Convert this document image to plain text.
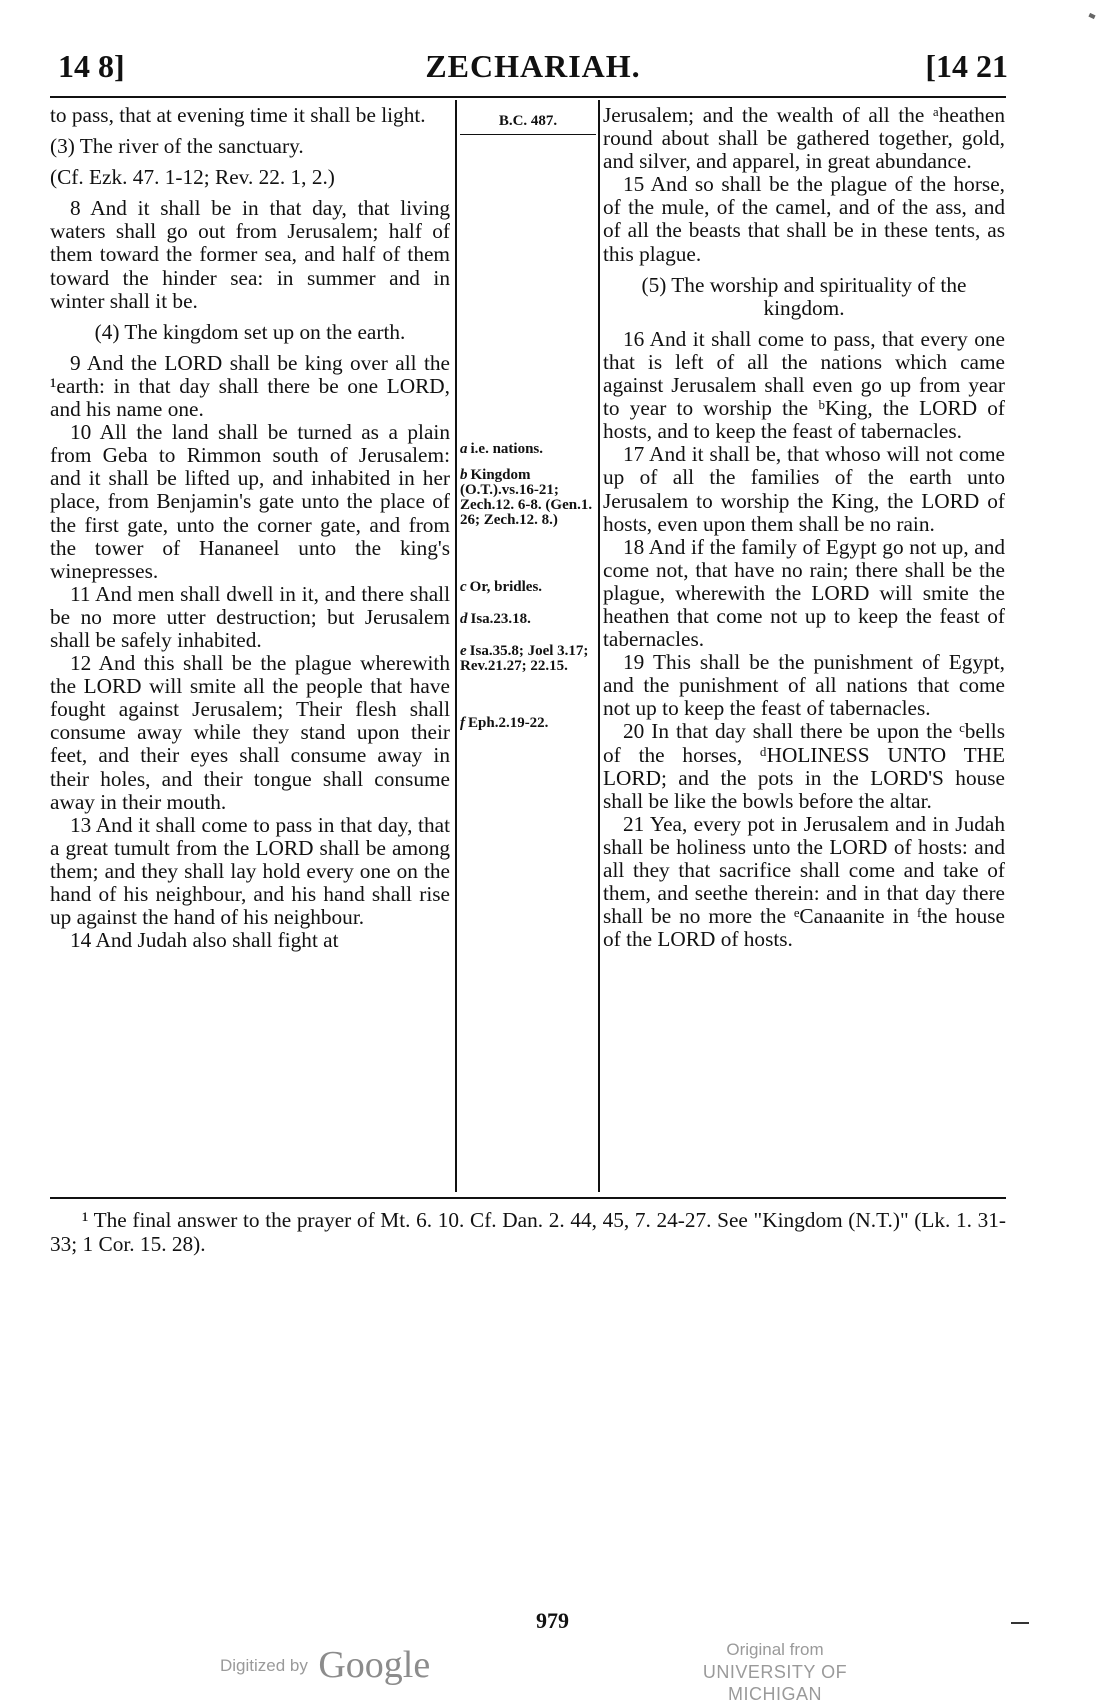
14 8]	ZECHARIAH.	[14 21

to pass, that at evening time it shall be light.

(3) The river of the sanctuary.

(Cf. Ezk. 47. 1-12; Rev. 22. 1, 2.)

8 And it shall be in that day, that living waters shall go out from Jerusalem; half of them toward the former sea, and half of them toward the hinder sea: in summer and in winter shall it be.

(4) The kingdom set up on the earth.

9 And the LORD shall be king over all the ¹earth: in that day shall there be one LORD, and his name one.

10 All the land shall be turned as a plain from Geba to Rimmon south of Jerusalem: and it shall be lifted up, and inhabited in her place, from Benjamin's gate unto the place of the first gate, unto the corner gate, and from the tower of Hananeel unto the king's winepresses.

11 And men shall dwell in it, and there shall be no more utter destruction; but Jerusalem shall be safely inhabited.

12 And this shall be the plague wherewith the LORD will smite all the people that have fought against Jerusalem; Their flesh shall consume away while they stand upon their feet, and their eyes shall consume away in their holes, and their tongue shall consume away in their mouth.

13 And it shall come to pass in that day, that a great tumult from the LORD shall be among them; and they shall lay hold every one on the hand of his neighbour, and his hand shall rise up against the hand of his neighbour.

14 And Judah also shall fight at

B.C. 487.
a i.e. nations.
b Kingdom (O.T.).vs.16-21; Zech.12. 6-8. (Gen.1. 26; Zech.12. 8.)
c Or, bridles.
d Isa.23.18.
e Isa.35.8; Joel 3.17; Rev.21.27; 22.15.
f Eph.2.19-22.

Jerusalem; and the wealth of all the ᵃheathen round about shall be gathered together, gold, and silver, and apparel, in great abundance.

15 And so shall be the plague of the horse, of the mule, of the camel, and of the ass, and of all the beasts that shall be in these tents, as this plague.

(5) The worship and spirituality of the kingdom.

16 And it shall come to pass, that every one that is left of all the nations which came against Jerusalem shall even go up from year to year to worship the ᵇKing, the LORD of hosts, and to keep the feast of tabernacles.

17 And it shall be, that whoso will not come up of all the families of the earth unto Jerusalem to worship the King, the LORD of hosts, even upon them shall be no rain.

18 And if the family of Egypt go not up, and come not, that have no rain; there shall be the plague, wherewith the LORD will smite the heathen that come not up to keep the feast of tabernacles.

19 This shall be the punishment of Egypt, and the punishment of all nations that come not up to keep the feast of tabernacles.

20 In that day shall there be upon the ᶜbells of the horses, ᵈHOLINESS UNTO THE LORD; and the pots in the LORD'S house shall be like the bowls before the altar.

21 Yea, every pot in Jerusalem and in Judah shall be holiness unto the LORD of hosts: and all they that sacrifice shall come and take of them, and seethe therein: and in that day there shall be no more the ᵉCanaanite in ᶠthe house of the LORD of hosts.

¹ The final answer to the prayer of Mt. 6. 10. Cf. Dan. 2. 44, 45, 7. 24-27. See "Kingdom (N.T.)" (Lk. 1. 31-33; 1 Cor. 15. 28).

979
Digitized by Google	Original from
UNIVERSITY OF MICHIGAN
